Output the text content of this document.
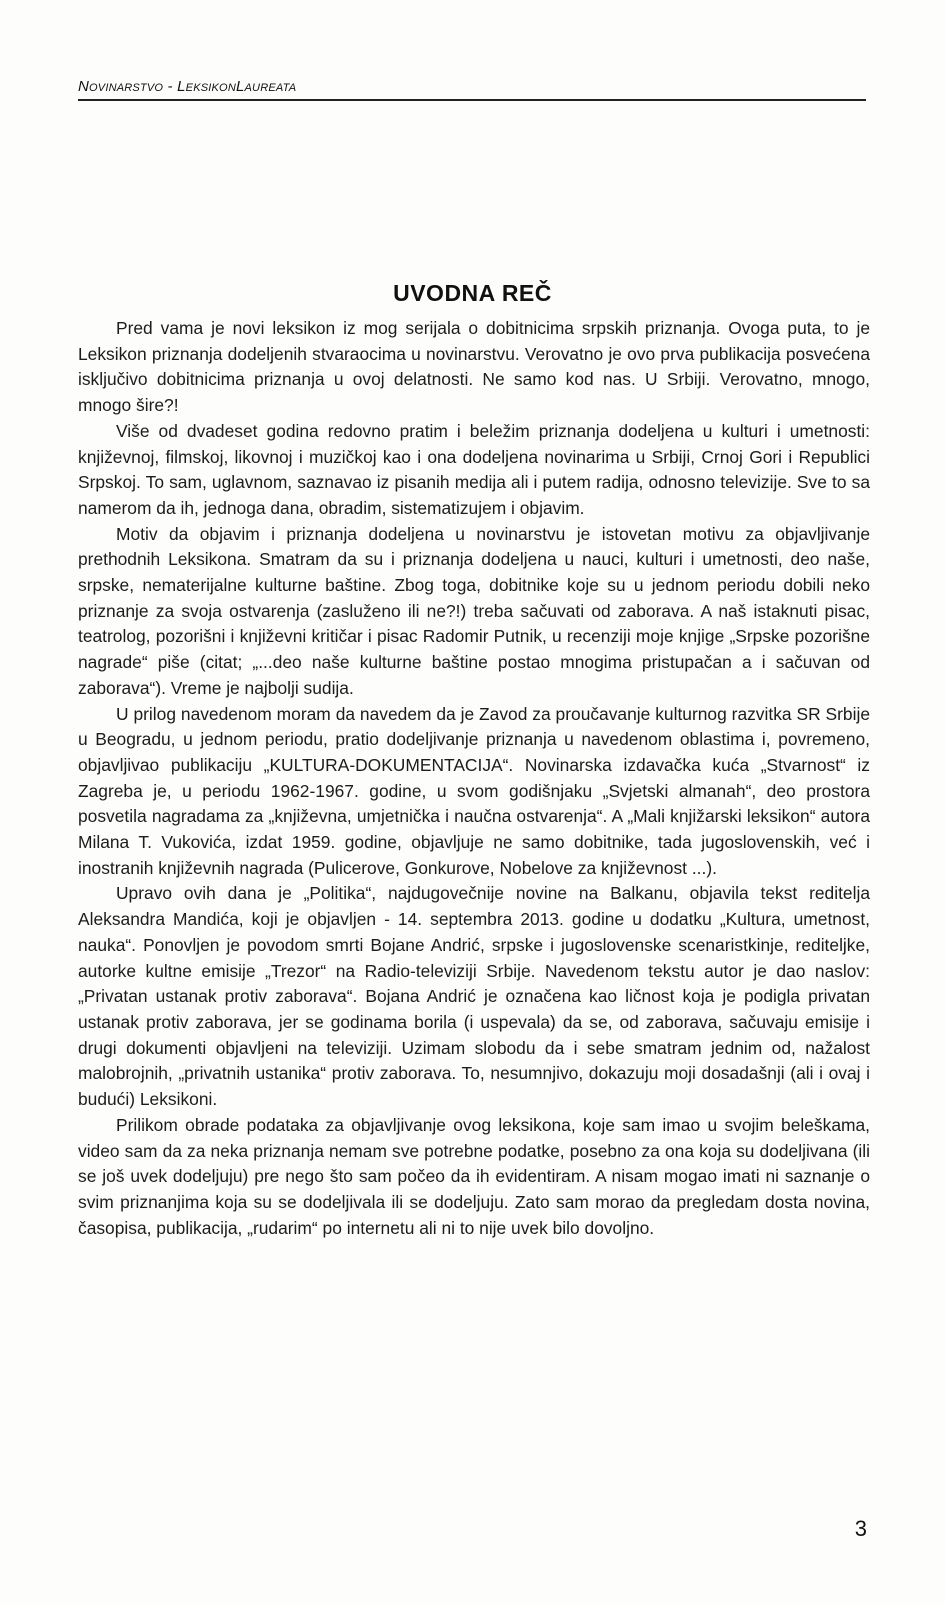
Novinarstvo - LeksikonLaureata
UVODNA REČ

Pred vama je novi leksikon iz mog serijala o dobitnicima srpskih priznanja. Ovoga puta, to je Leksikon priznanja dodeljenih stvaraocima u novinarstvu. Verovatno je ovo prva publikacija posvećena isključivo dobitnicima priznanja u ovoj delatnosti. Ne samo kod nas. U Srbiji. Verovatno, mnogo, mnogo šire?!

Više od dvadeset godina redovno pratim i beležim priznanja dodeljena u kulturi i umetnosti: književnoj, filmskoj, likovnoj i muzičkoj kao i ona dodeljena novinarima u Srbiji, Crnoj Gori i Republici Srpskoj. To sam, uglavnom, saznavao iz pisanih medija ali i putem radija, odnosno televizije. Sve to sa namerom da ih, jednoga dana, obradim, sistematizujem i objavim.

Motiv da objavim i priznanja dodeljena u novinarstvu je istovetan motivu za objavljivanje prethodnih Leksikona. Smatram da su i priznanja dodeljena u nauci, kulturi i umetnosti, deo naše, srpske, nematerijalne kulturne baštine. Zbog toga, dobitnike koje su u jednom periodu dobili neko priznanje za svoja ostvarenja (zasluženo ili ne?!) treba sačuvati od zaborava. A naš istaknuti pisac, teatrolog, pozorišni i književni kritičar i pisac Radomir Putnik, u recenziji moje knjige „Srpske pozorišne nagrade“ piše (citat; „...deo naše kulturne baštine postao mnogima pristupačan a i sačuvan od zaborava“). Vreme je najbolji sudija.

U prilog navedenom moram da navedem da je Zavod za proučavanje kulturnog razvitka SR Srbije u Beogradu, u jednom periodu, pratio dodeljivanje priznanja u navedenom oblastima i, povremeno, objavljivao publikaciju „KULTURA-DOKUMENTACIJA“. Novinarska izdavačka kuća „Stvarnost“ iz Zagreba je, u periodu 1962-1967. godine, u svom godišnjaku „Svjetski almanah“, deo prostora posvetila nagradama za „književna, umjetnička i naučna ostvarenja“. A „Mali knjižarski leksikon“ autora Milana T. Vukovića, izdat 1959. godine, objavljuje ne samo dobitnike, tada jugoslovenskih, već i inostranih književnih nagrada (Pulicerove, Gonkurove, Nobelove za književnost ...).

Upravo ovih dana je „Politika“, najdugovečnije novine na Balkanu, objavila tekst reditelja Aleksandra Mandića, koji je objavljen - 14. septembra 2013. godine u dodatku „Kultura, umetnost, nauka“. Ponovljen je povodom smrti Bojane Andrić, srpske i jugoslovenske scenaristkinje, rediteljke, autorke kultne emisije „Trezor“ na Radio-televiziji Srbije. Navedenom tekstu autor je dao naslov: „Privatan ustanak protiv zaborava“. Bojana Andrić je označena kao ličnost koja je podigla privatan ustanak protiv zaborava, jer se godinama borila (i uspevala) da se, od zaborava, sačuvaju emisije i drugi dokumenti objavljeni na televiziji. Uzimam slobodu da i sebe smatram jednim od, nažalost malobrojnih, „privatnih ustanika“ protiv zaborava. To, nesumnjivo, dokazuju moji dosadašnji (ali i ovaj i budući) Leksikoni.

Prilikom obrade podataka za objavljivanje ovog leksikona, koje sam imao u svojim beleškama, video sam da za neka priznanja nemam sve potrebne podatke, posebno za ona koja su dodeljivana (ili se još uvek dodeljuju) pre nego što sam počeo da ih evidentiram. A nisam mogao imati ni saznanje o svim priznanjima koja su se dodeljivala ili se dodeljuju. Zato sam morao da pregledam dosta novina, časopisa, publikacija, „rudarim“ po internetu ali ni to nije uvek bilo dovoljno.

3
